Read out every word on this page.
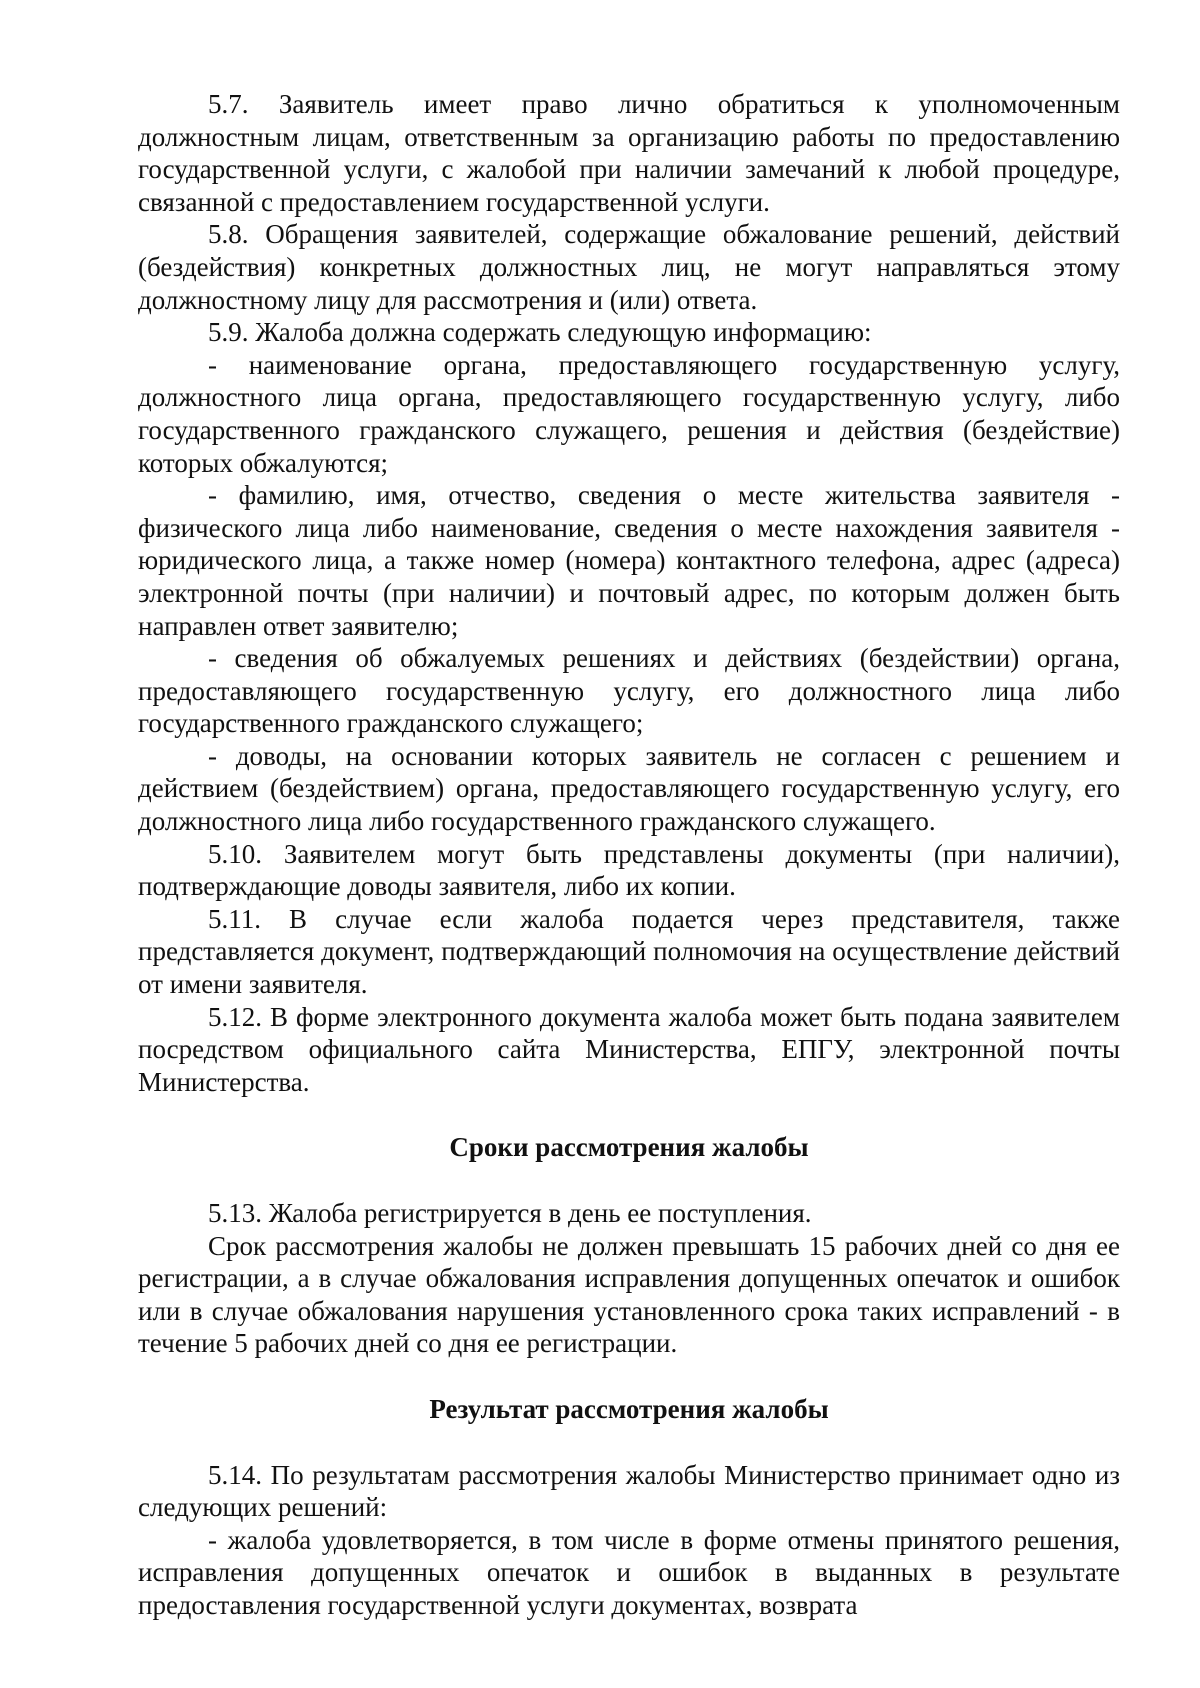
5.7. Заявитель имеет право лично обратиться к уполномоченным должностным лицам, ответственным за организацию работы по предоставлению государственной услуги, с жалобой при наличии замечаний к любой процедуре, связанной с предоставлением государственной услуги.

5.8. Обращения заявителей, содержащие обжалование решений, действий (бездействия) конкретных должностных лиц, не могут направляться этому должностному лицу для рассмотрения и (или) ответа.

5.9. Жалоба должна содержать следующую информацию:

- наименование органа, предоставляющего государственную услугу, должностного лица органа, предоставляющего государственную услугу, либо государственного гражданского служащего, решения и действия (бездействие) которых обжалуются;

- фамилию, имя, отчество, сведения о месте жительства заявителя - физического лица либо наименование, сведения о месте нахождения заявителя - юридического лица, а также номер (номера) контактного телефона, адрес (адреса) электронной почты (при наличии) и почтовый адрес, по которым должен быть направлен ответ заявителю;

- сведения об обжалуемых решениях и действиях (бездействии) органа, предоставляющего государственную услугу, его должностного лица либо государственного гражданского служащего;

- доводы, на основании которых заявитель не согласен с решением и действием (бездействием) органа, предоставляющего государственную услугу, его должностного лица либо государственного гражданского служащего.

5.10. Заявителем могут быть представлены документы (при наличии), подтверждающие доводы заявителя, либо их копии.

5.11. В случае если жалоба подается через представителя, также представляется документ, подтверждающий полномочия на осуществление действий от имени заявителя.

5.12. В форме электронного документа жалоба может быть подана заявителем посредством официального сайта Министерства, ЕПГУ, электронной почты Министерства.

Сроки рассмотрения жалобы

5.13. Жалоба регистрируется в день ее поступления.

Срок рассмотрения жалобы не должен превышать 15 рабочих дней со дня ее регистрации, а в случае обжалования исправления допущенных опечаток и ошибок или в случае обжалования нарушения установленного срока таких исправлений - в течение 5 рабочих дней со дня ее регистрации.

Результат рассмотрения жалобы

5.14. По результатам рассмотрения жалобы Министерство принимает одно из следующих решений:

- жалоба удовлетворяется, в том числе в форме отмены принятого решения, исправления допущенных опечаток и ошибок в выданных в результате предоставления государственной услуги документах, возврата
